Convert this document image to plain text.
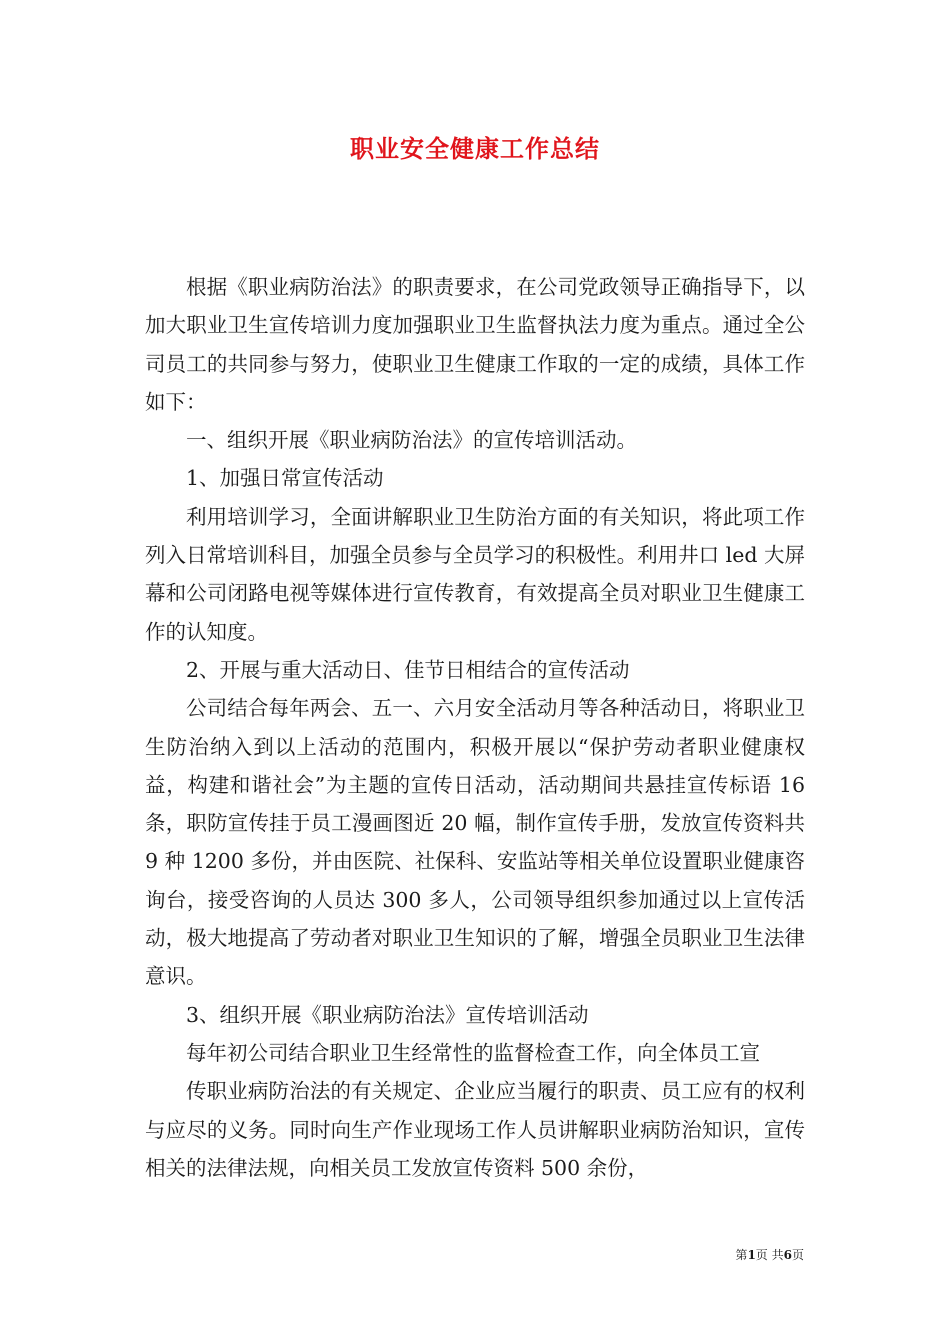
职业安全健康工作总结

根据《职业病防治法》的职责要求，在公司党政领导正确指导下，以加大职业卫生宣传培训力度加强职业卫生监督执法力度为重点。通过全公司员工的共同参与努力，使职业卫生健康工作取的一定的成绩，具体工作如下：

一、组织开展《职业病防治法》的宣传培训活动。

1、加强日常宣传活动

利用培训学习，全面讲解职业卫生防治方面的有关知识，将此项工作列入日常培训科目，加强全员参与全员学习的积极性。利用井口 led 大屏幕和公司闭路电视等媒体进行宣传教育，有效提高全员对职业卫生健康工作的认知度。

2、开展与重大活动日、佳节日相结合的宣传活动

公司结合每年两会、五一、六月安全活动月等各种活动日，将职业卫生防治纳入到以上活动的范围内，积极开展以“保护劳动者职业健康权益，构建和谐社会”为主题的宣传日活动，活动期间共悬挂宣传标语 16 条，职防宣传挂于员工漫画图近 20 幅，制作宣传手册，发放宣传资料共 9 种 1200 多份，并由医院、社保科、安监站等相关单位设置职业健康咨询台，接受咨询的人员达 300 多人，公司领导组织参加通过以上宣传活动，极大地提高了劳动者对职业卫生知识的了解，增强全员职业卫生法律意识。

3、组织开展《职业病防治法》宣传培训活动

每年初公司结合职业卫生经常性的监督检查工作，向全体员工宣

传职业病防治法的有关规定、企业应当履行的职责、员工应有的权利与应尽的义务。同时向生产作业现场工作人员讲解职业病防治知识，宣传相关的法律法规，向相关员工发放宣传资料 500 余份，

第1页 共6页
